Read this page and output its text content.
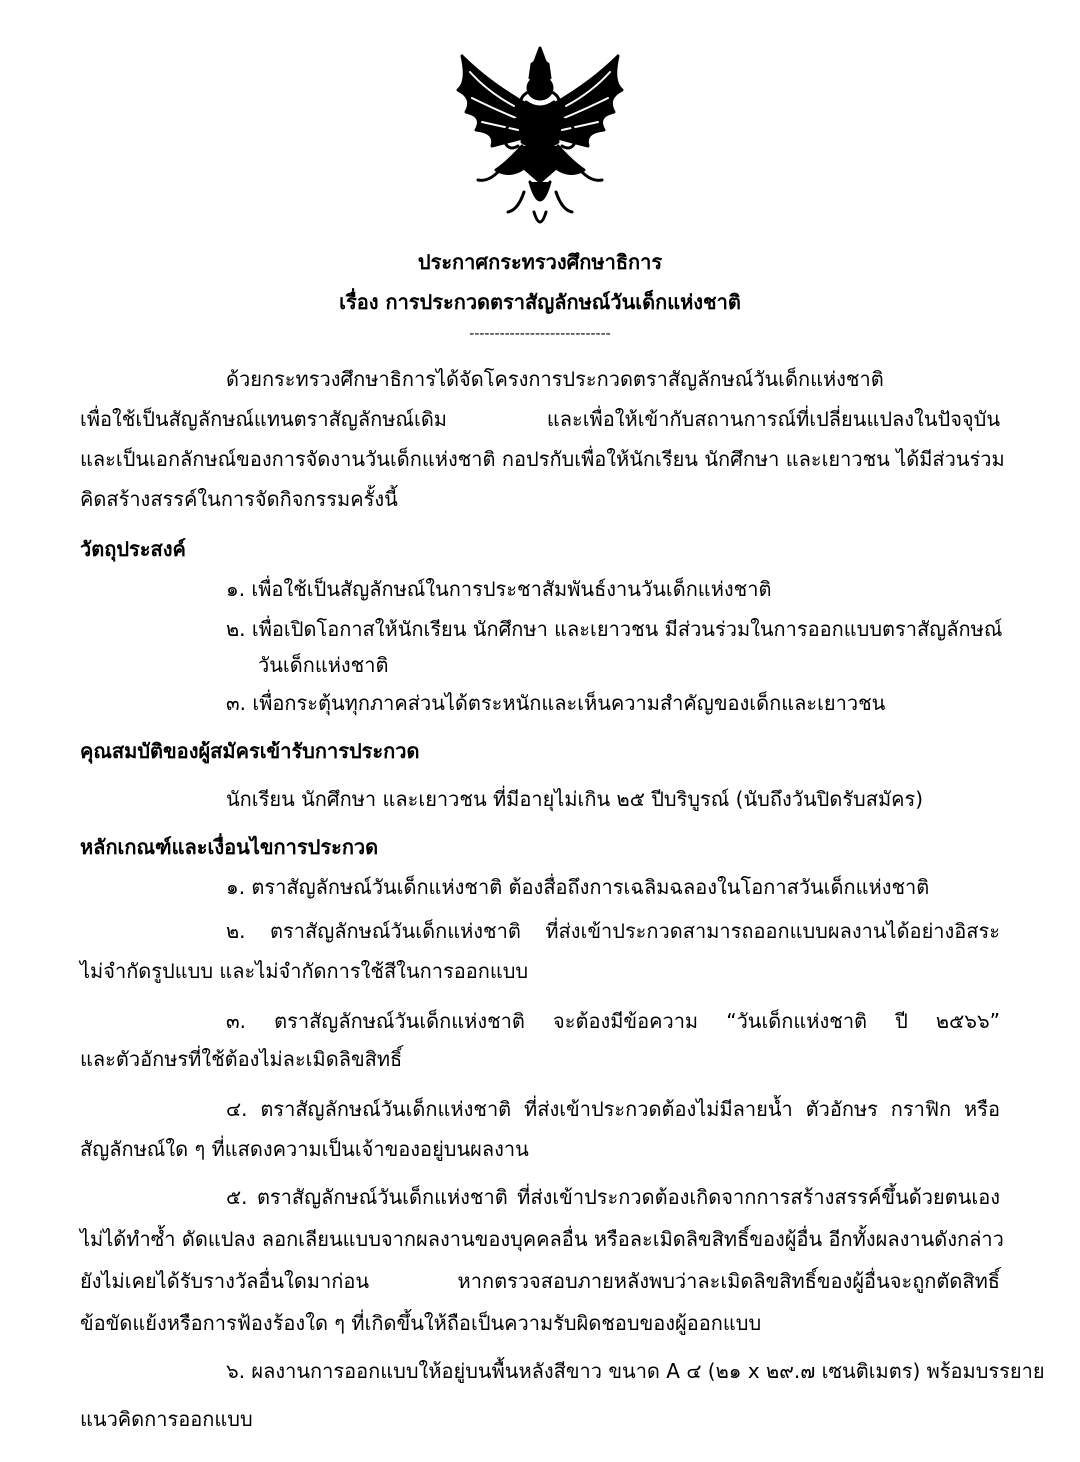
ประกาศกระทรวงศึกษาธิการ
เรื่อง การประกวดตราสัญลักษณ์วันเด็กแห่งชาติ
----------------------------
ด้วยกระทรวงศึกษาธิการได้จัดโครงการประกวดตราสัญลักษณ์วันเด็กแห่งชาติ
เพื่อใช้เป็นสัญลักษณ์แทนตราสัญลักษณ์เดิม และเพื่อให้เข้ากับสถานการณ์ที่เปลี่ยนแปลงในปัจจุบัน
และเป็นเอกลักษณ์ของการจัดงานวันเด็กแห่งชาติ กอปรกับเพื่อให้นักเรียน นักศึกษา และเยาวชน ได้มีส่วนร่วม
คิดสร้างสรรค์ในการจัดกิจกรรมครั้งนี้
วัตถุประสงค์
๑. เพื่อใช้เป็นสัญลักษณ์ในการประชาสัมพันธ์งานวันเด็กแห่งชาติ
๒. เพื่อเปิดโอกาสให้นักเรียน นักศึกษา และเยาวชน มีส่วนร่วมในการออกแบบตราสัญลักษณ์
วันเด็กแห่งชาติ
๓. เพื่อกระตุ้นทุกภาคส่วนได้ตระหนักและเห็นความสำคัญของเด็กและเยาวชน
คุณสมบัติของผู้สมัครเข้ารับการประกวด
นักเรียน นักศึกษา และเยาวชน ที่มีอายุไม่เกิน ๒๕ ปีบริบูรณ์ (นับถึงวันปิดรับสมัคร)
หลักเกณฑ์และเงื่อนไขการประกวด
๑. ตราสัญลักษณ์วันเด็กแห่งชาติ ต้องสื่อถึงการเฉลิมฉลองในโอกาสวันเด็กแห่งชาติ
๒. ตราสัญลักษณ์วันเด็กแห่งชาติ ที่ส่งเข้าประกวดสามารถออกแบบผลงานได้อย่างอิสระ
ไม่จำกัดรูปแบบ และไม่จำกัดการใช้สีในการออกแบบ
๓. ตราสัญลักษณ์วันเด็กแห่งชาติ จะต้องมีข้อความ “วันเด็กแห่งชาติ ปี ๒๕๖๖”
และตัวอักษรที่ใช้ต้องไม่ละเมิดลิขสิทธิ์
๔. ตราสัญลักษณ์วันเด็กแห่งชาติ ที่ส่งเข้าประกวดต้องไม่มีลายน้ำ ตัวอักษร กราฟิก หรือ
สัญลักษณ์ใด ๆ ที่แสดงความเป็นเจ้าของอยู่บนผลงาน
๕. ตราสัญลักษณ์วันเด็กแห่งชาติ ที่ส่งเข้าประกวดต้องเกิดจากการสร้างสรรค์ขึ้นด้วยตนเอง
ไม่ได้ทำซ้ำ ดัดแปลง ลอกเลียนแบบจากผลงานของบุคคลอื่น หรือละเมิดลิขสิทธิ์ของผู้อื่น อีกทั้งผลงานดังกล่าว
ยังไม่เคยได้รับรางวัลอื่นใดมาก่อน หากตรวจสอบภายหลังพบว่าละเมิดลิขสิทธิ์ของผู้อื่นจะถูกตัดสิทธิ์
ข้อขัดแย้งหรือการฟ้องร้องใด ๆ ที่เกิดขึ้นให้ถือเป็นความรับผิดชอบของผู้ออกแบบ
๖. ผลงานการออกแบบให้อยู่บนพื้นหลังสีขาว ขนาด A ๔ (๒๑ x ๒๙.๗ เซนติเมตร) พร้อมบรรยาย
แนวคิดการออกแบบ
